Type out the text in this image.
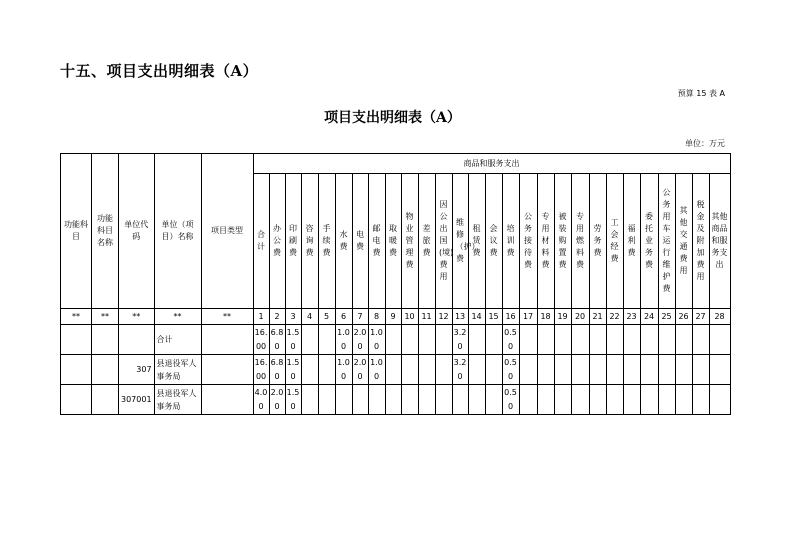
十五、项目支出明细表（A）
预算 15 表 A
项目支出明细表（A）
单位：万元
功能科目	功能科目名称	单位代码	单位（项目）名称	项目类型	商品和服务支出																											

					合计	办公费	印刷费	咨询费	手续费	水费	电费	邮电费	取暖费	物业管理费	差旅费	因公出国(境)费用	维修（护）费	租赁费	会议费	培训费	公务接待费	专用材料费	被装购置费	专用燃料费	劳务费	工会经费	福利费	委托业务费	公务用车运行维护费	其他交通费用	税金及附加费用	其他商品和服务支出

**	**	**	**	**	1	2	3	4	5	6	7	8	9	10	11	12	13	14	15	16	17	18	19	20	21	22	23	24	25	26	27	28
			合计		16.00	6.80	1.50			1.00	2.00	1.00					3.20			0.50												

		307	县退役军人事务局		16.00	6.80	1.50			1.00	2.00	1.00					3.20			0.50												

		307001	县退役军人事务局		4.00	2.00	1.50													0.50												
